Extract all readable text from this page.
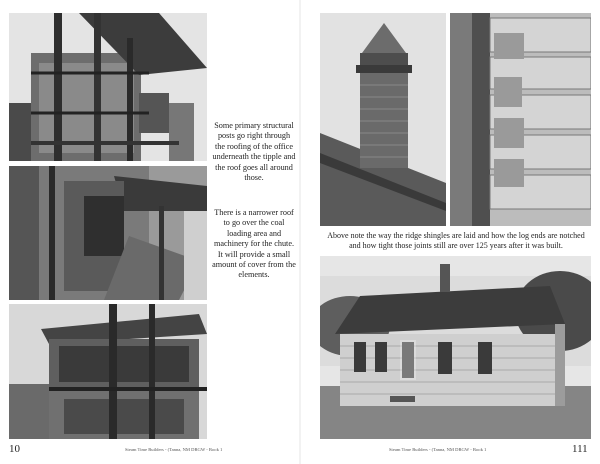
Some primary structural posts go right through the roofing of the office underneath the tipple and the roof goes all around those.
There is a narrower roof to go over the coal loading area and machinery for the chute. It will provide a small amount of cover from the elements.
10	Steam Time Builders - (Tanna, NM DRGW - Book 1
Above note the way the ridge shingles are laid and how the log ends are notched and how tight those joints still are over 125 years after it was built.
Steam Time Builders - (Tanna, NM DRGW - Book 1	111
